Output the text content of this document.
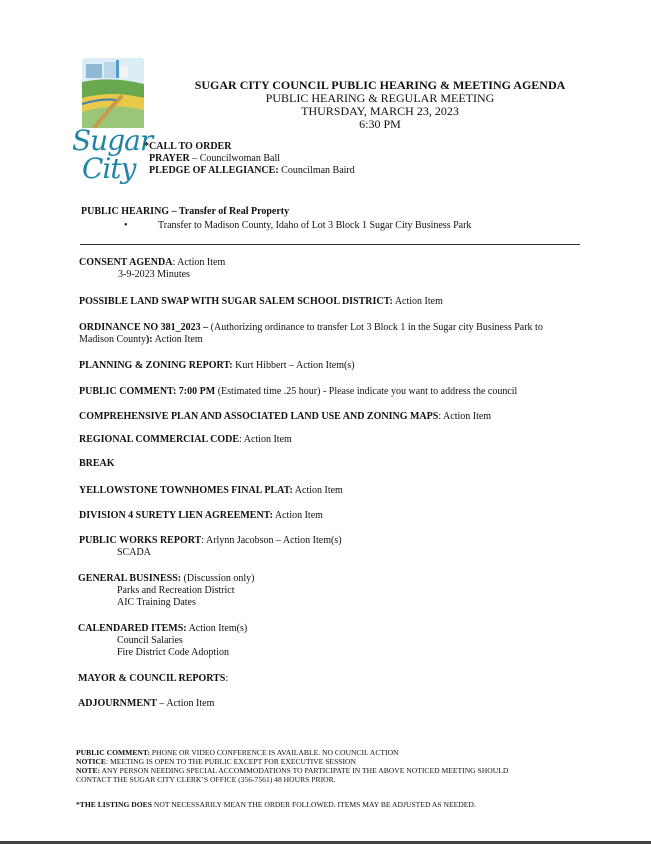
Sugar
City
SUGAR CITY COUNCIL PUBLIC HEARING & MEETING AGENDA
PUBLIC HEARING & REGULAR MEETING
THURSDAY, MARCH 23, 2023
6:30 PM
*CALL TO ORDER
PRAYER – Councilwoman Ball
PLEDGE OF ALLEGIANCE: Councilman Baird
PUBLIC HEARING – Transfer of Real Property
•	Transfer to Madison County, Idaho of Lot 3 Block 1 Sugar City Business Park
CONSENT AGENDA: Action Item
3-9-2023 Minutes
POSSIBLE LAND SWAP WITH SUGAR SALEM SCHOOL DISTRICT: Action Item
ORDINANCE NO 381_2023 – (Authorizing ordinance to transfer Lot 3 Block 1 in the Sugar city Business Park to
Madison County): Action Item
PLANNING & ZONING REPORT: Kurt Hibbert – Action Item(s)
PUBLIC COMMENT: 7:00 PM (Estimated time .25 hour) - Please indicate you want to address the council
COMPREHENSIVE PLAN AND ASSOCIATED LAND USE AND ZONING MAPS: Action Item
REGIONAL COMMERCIAL CODE: Action Item
BREAK
YELLOWSTONE TOWNHOMES FINAL PLAT: Action Item
DIVISION 4 SURETY LIEN AGREEMENT: Action Item
PUBLIC WORKS REPORT: Arlynn Jacobson – Action Item(s)
SCADA
GENERAL BUSINESS: (Discussion only)
Parks and Recreation District
AIC Training Dates
CALENDARED ITEMS: Action Item(s)
Council Salaries
Fire District Code Adoption
MAYOR & COUNCIL REPORTS:
ADJOURNMENT – Action Item
PUBLIC COMMENT: PHONE OR VIDEO CONFERENCE IS AVAILABLE. NO COUNCIL ACTION
NOTICE: MEETING IS OPEN TO THE PUBLIC EXCEPT FOR EXECUTIVE SESSION
NOTE: ANY PERSON NEEDING SPECIAL ACCOMMODATIONS TO PARTICIPATE IN THE ABOVE NOTICED MEETING SHOULD
CONTACT THE SUGAR CITY CLERK’S OFFICE (356-7561) 48 HOURS PRIOR.
*THE LISTING DOES NOT NECESSARILY MEAN THE ORDER FOLLOWED. ITEMS MAY BE ADJUSTED AS NEEDED.
